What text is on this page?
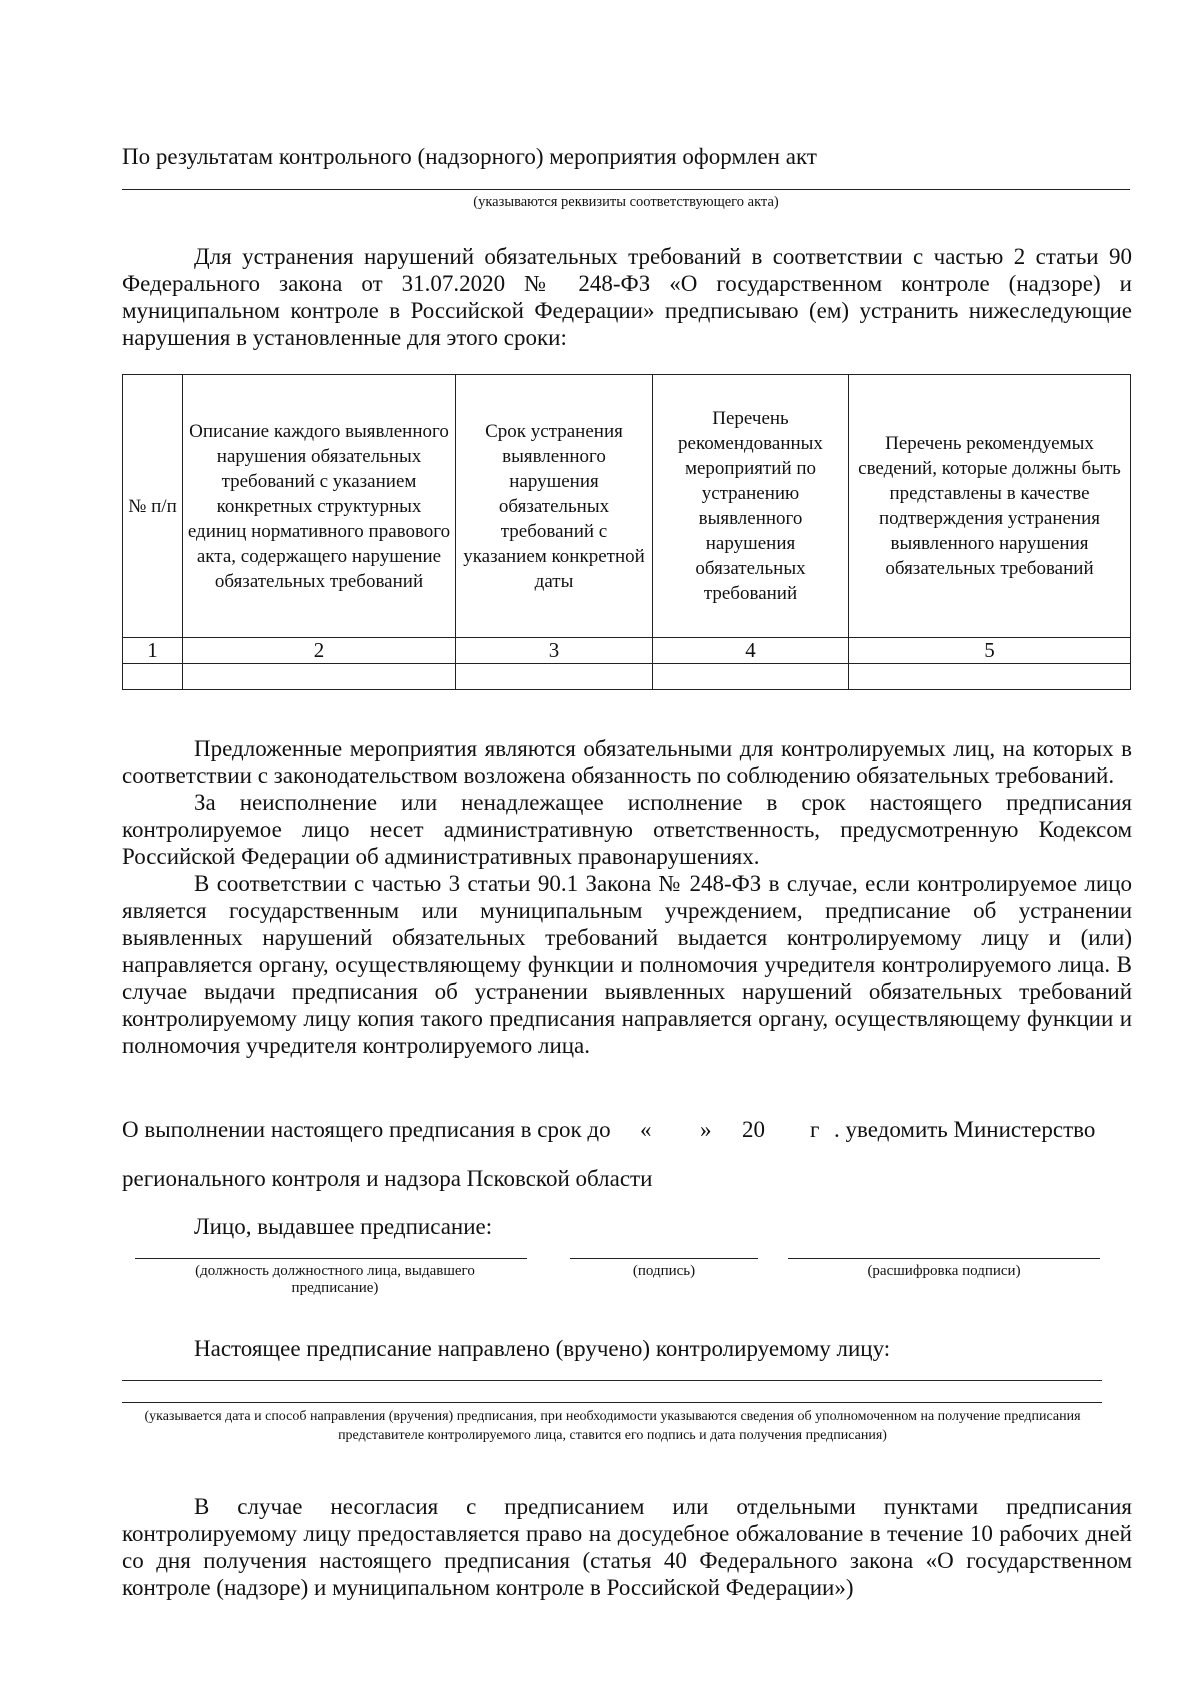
По результатам контрольного (надзорного) мероприятия оформлен акт
(указываются реквизиты соответствующего акта)

Для устранения нарушений обязательных требований в соответствии с частью 2 статьи 90 Федерального закона от 31.07.2020 № 248-ФЗ «О государственном контроле (надзоре) и муниципальном контроле в Российской Федерации» предписываю (ем) устранить нижеследующие нарушения в установленные для этого сроки:

№ п/п	Описание каждого выявленного нарушения обязательных требований с указанием конкретных структурных единиц нормативного правового акта, содержащего нарушение обязательных требований	Срок устранения выявленного нарушения обязательных требований с указанием конкретной даты	Перечень рекомендованных мероприятий по устранению выявленного нарушения обязательных требований	Перечень рекомендуемых сведений, которые должны быть представлены в качестве подтверждения устранения выявленного нарушения обязательных требований
1	2	3	4	5

Предложенные мероприятия являются обязательными для контролируемых лиц, на которых в соответствии с законодательством возложена обязанность по соблюдению обязательных требований.

За неисполнение или ненадлежащее исполнение в срок настоящего предписания контролируемое лицо несет административную ответственность, предусмотренную Кодексом Российской Федерации об административных правонарушениях.

В соответствии с частью 3 статьи 90.1 Закона № 248-ФЗ в случае, если контролируемое лицо является государственным или муниципальным учреждением, предписание об устранении выявленных нарушений обязательных требований выдается контролируемому лицу и (или) направляется органу, осуществляющему функции и полномочия учредителя контролируемого лица. В случае выдачи предписания об устранении выявленных нарушений обязательных требований контролируемому лицу копия такого предписания направляется органу, осуществляющему функции и полномочия учредителя контролируемого лица.

О выполнении настоящего предписания в срок до « » 20 г . уведомить Министерство
регионального контроля и надзора Псковской области
Лицо, выдавшее предписание:
(должность должностного лица, выдавшего предписание)
(подпись)	(расшифровка подписи)
Настоящее предписание направлено (вручено) контролируемому лицу:
(указывается дата и способ направления (вручения) предписания, при необходимости указываются сведения об уполномоченном на получение предписания представителе контролируемого лица, ставится его подпись и дата получения предписания)

В случае несогласия с предписанием или отдельными пунктами предписания контролируемому лицу предоставляется право на досудебное обжалование в течение 10 рабочих дней со дня получения настоящего предписания (статья 40 Федерального закона «О государственном контроле (надзоре) и муниципальном контроле в Российской Федерации»)
